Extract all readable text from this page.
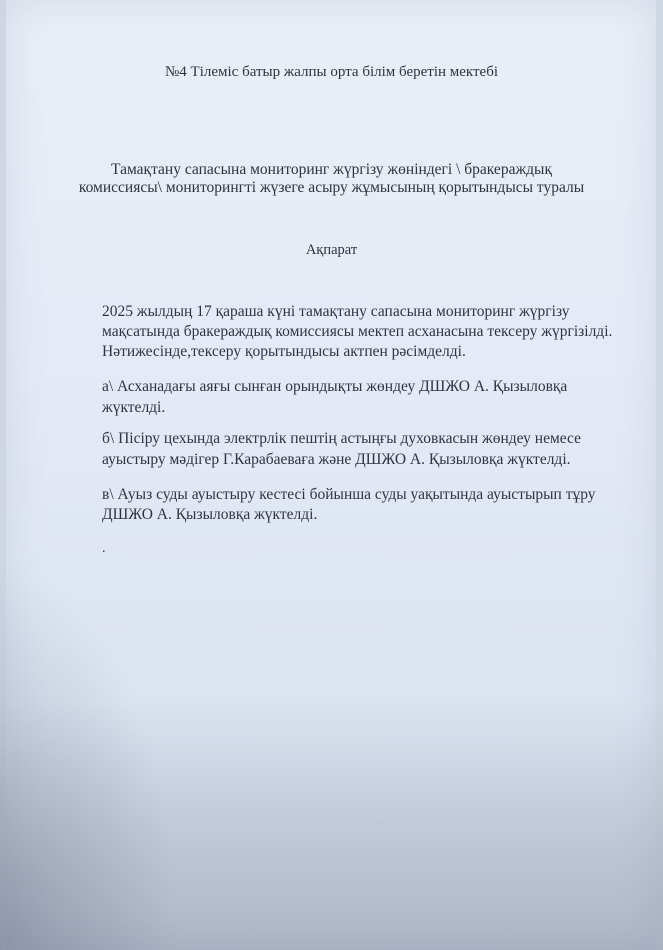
№4 Тілеміс батыр жалпы орта білім беретін мектебі
Тамақтану сапасына мониторинг жүргізу жөніндегі \ бракераждық
комиссиясы\ мониторингті жүзеге асыру жұмысының қорытындысы туралы
Ақпарат
2025 жылдың 17 қараша күні тамақтану сапасына мониторинг жүргізу
мақсатында бракераждық комиссиясы мектеп асханасына тексеру жүргізілді.
Нәтижесінде,тексеру қорытындысы актпен рәсімделді.
а\ Асханадағы аяғы сынған орындықты жөндеу ДШЖО А. Қызыловқа
жүктелді.
б\ Пісіру цехында электрлік пештің астыңғы духовкасын жөндеу немесе
ауыстыру мәдігер Г.Карабаеваға және ДШЖО А. Қызыловқа жүктелді.
в\ Ауыз суды ауыстыру кестесі бойынша суды уақытында ауыстырып тұру
ДШЖО А. Қызыловқа жүктелді.
.
